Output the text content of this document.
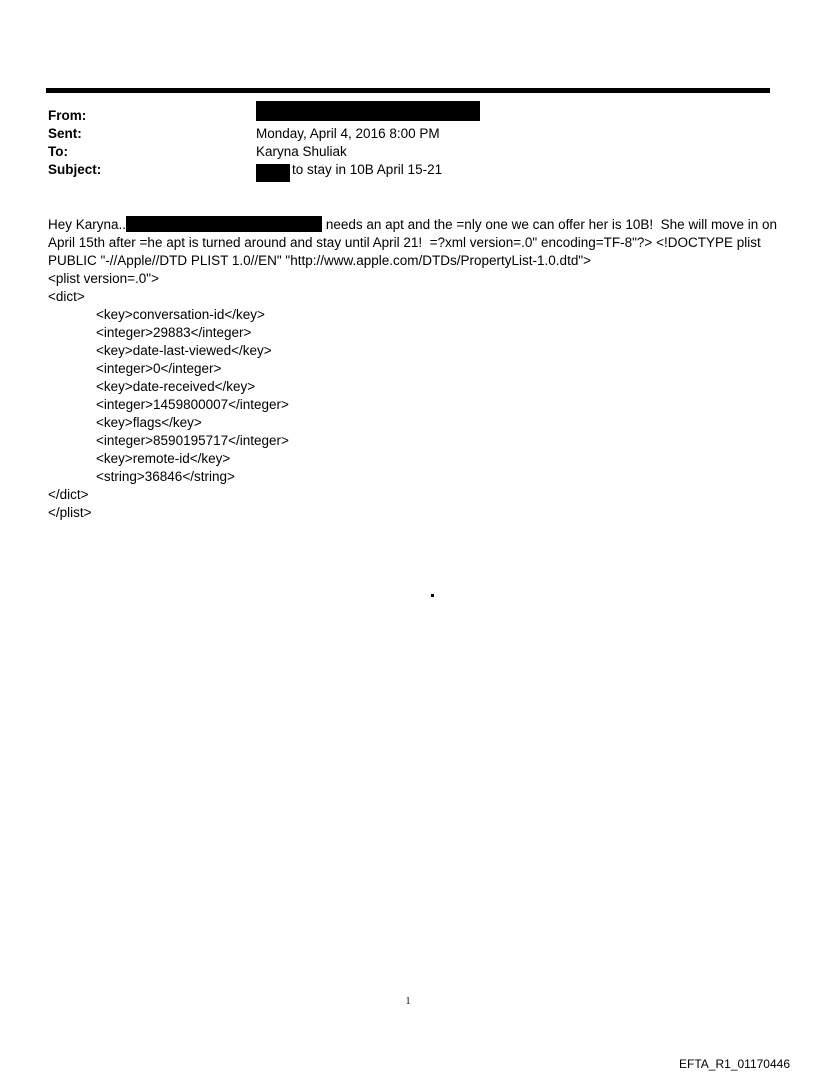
From:
Sent:	Monday, April 4, 2016 8:00 PM
To:	Karyna Shuliak
Subject:	to stay in 10B April 15-21
Hey Karyna..	needs an apt and the =nly one we can offer her is 10B!  She will move in on
April 15th after =he apt is turned around and stay until April 21!  =?xml version=.0" encoding=TF-8"?> <!DOCTYPE plist
PUBLIC "-//Apple//DTD PLIST 1.0//EN" "http://www.apple.com/DTDs/PropertyList-1.0.dtd">
<plist version=.0">
<dict>
<key>conversation-id</key>
<integer>29883</integer>
<key>date-last-viewed</key>
<integer>0</integer>
<key>date-received</key>
<integer>1459800007</integer>
<key>flags</key>
<integer>8590195717</integer>
<key>remote-id</key>
<string>36846</string>
</dict>
</plist>
1
EFTA_R1_01170446
